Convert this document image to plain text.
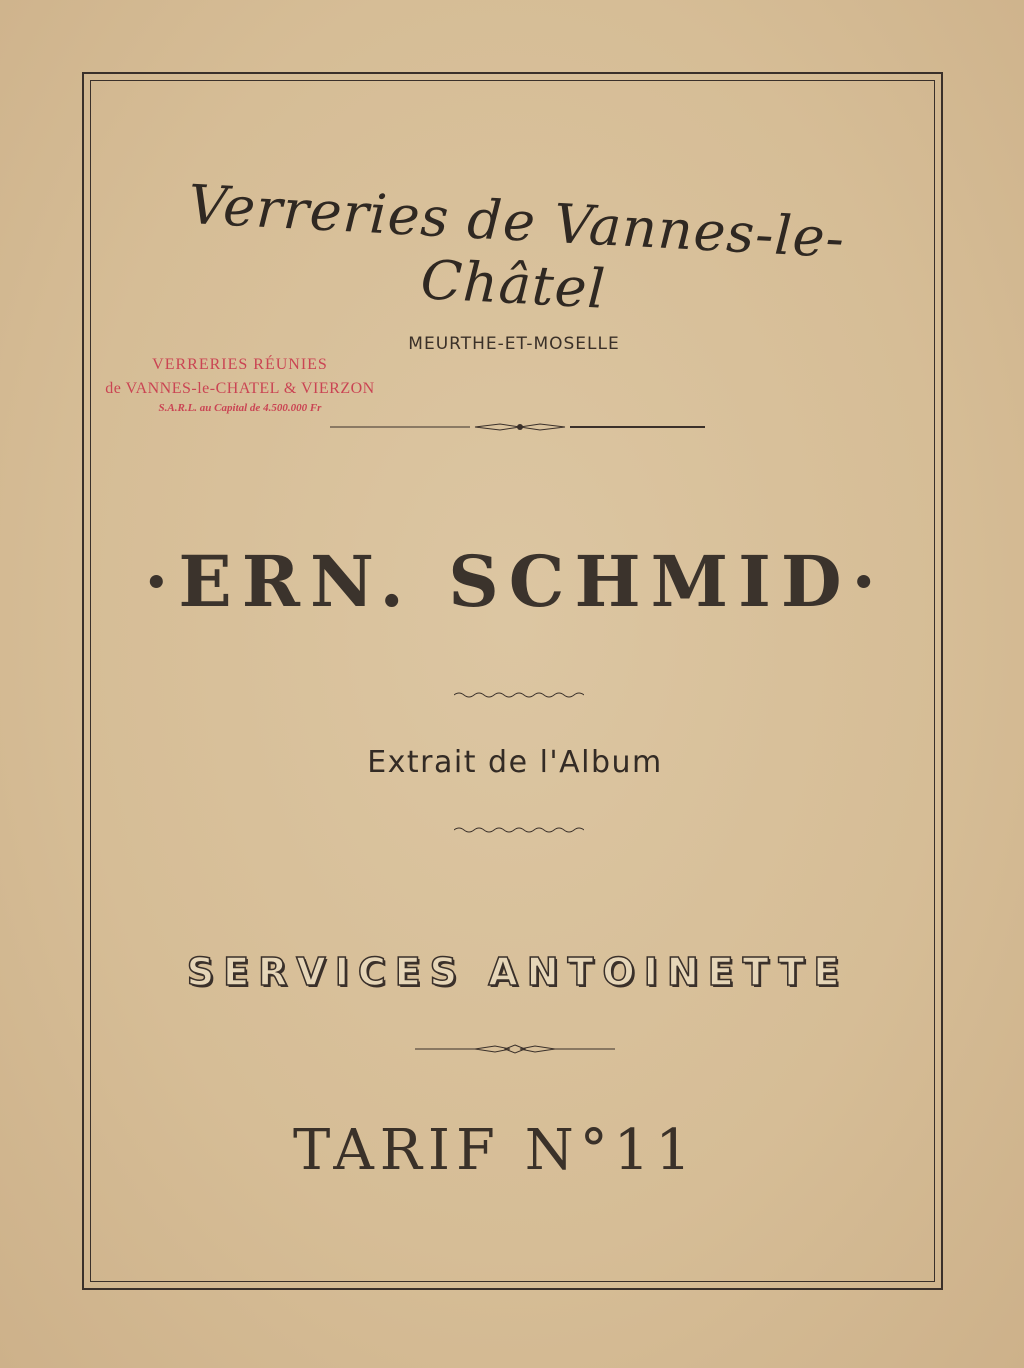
Verreries de Vannes-le-Châtel
MEURTHE-ET-MOSELLE
VERRERIES RÉUNIES
de VANNES-le-CHATEL & VIERZON
S.A.R.L. au Capital de 4.500.000 Fr
·ERN. SCHMID·
Extrait de l'Album
SERVICES ANTOINETTE
TARIF N°11
